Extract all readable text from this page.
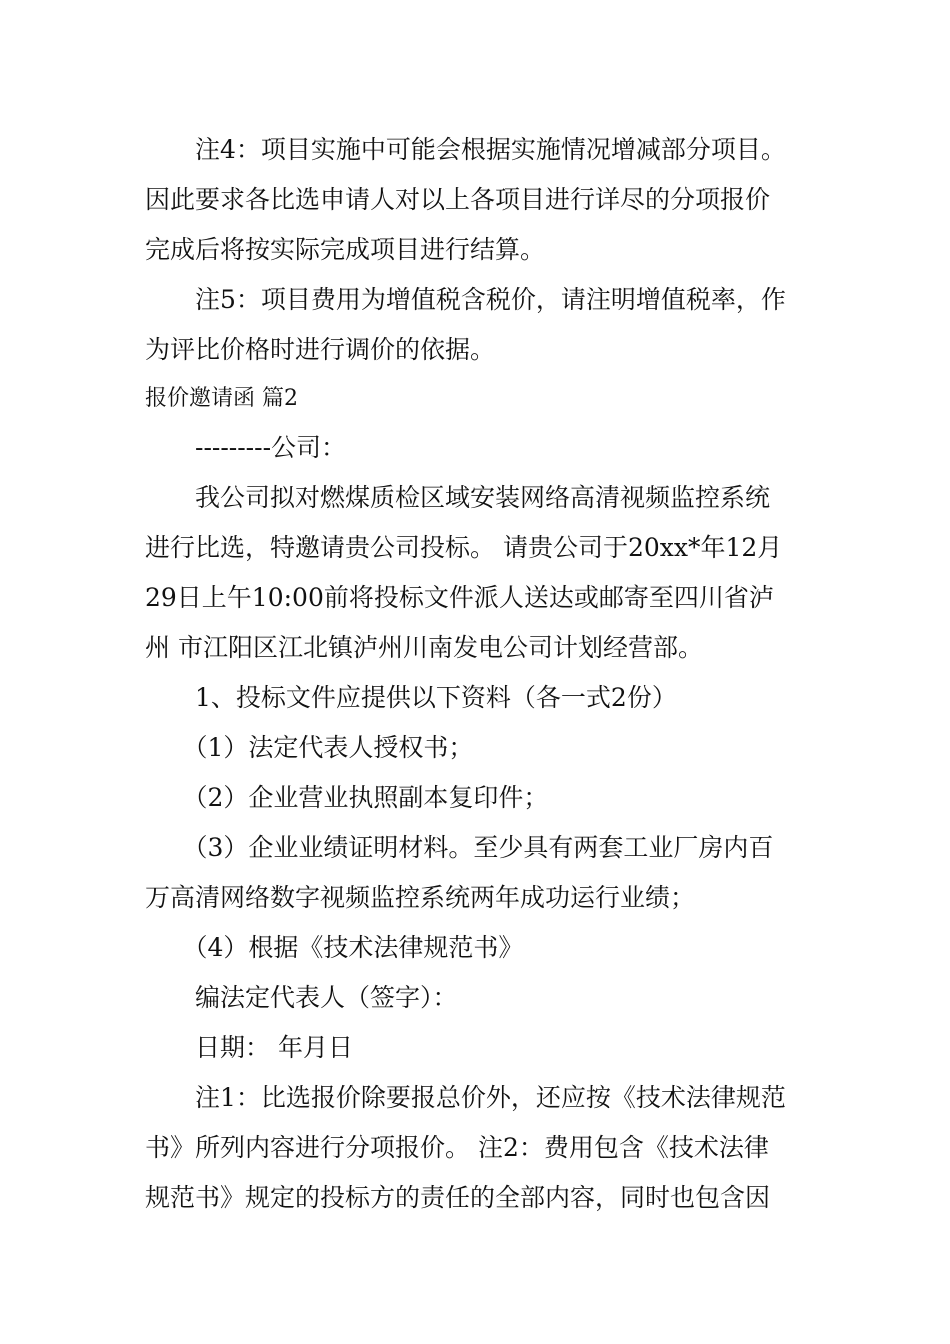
　　注4：项目实施中可能会根据实施情况增减部分项目。
因此要求各比选申请人对以上各项目进行详尽的分项报价
完成后将按实际完成项目进行结算。
　　注5：项目费用为增值税含税价，请注明增值税率，作
为评比价格时进行调价的依据。
报价邀请函 篇2
　　---------公司：
　　我公司拟对燃煤质检区域安装网络高清视频监控系统
进行比选，特邀请贵公司投标。 请贵公司于20xx*年12月
29日上午10:00前将投标文件派人送达或邮寄至四川省泸
州 市江阳区江北镇泸州川南发电公司计划经营部。
　　1、投标文件应提供以下资料（各一式2份）
　　（1）法定代表人授权书；
　　（2）企业营业执照副本复印件；
　　（3）企业业绩证明材料。至少具有两套工业厂房内百
万高清网络数字视频监控系统两年成功运行业绩；
　　（4）根据《技术法律规范书》
　　编法定代表人（签字）：
　　日期： 年月日
　　注1：比选报价除要报总价外，还应按《技术法律规范
书》所列内容进行分项报价。 注2：费用包含《技术法律
规范书》规定的投标方的责任的全部内容，同时也包含因
